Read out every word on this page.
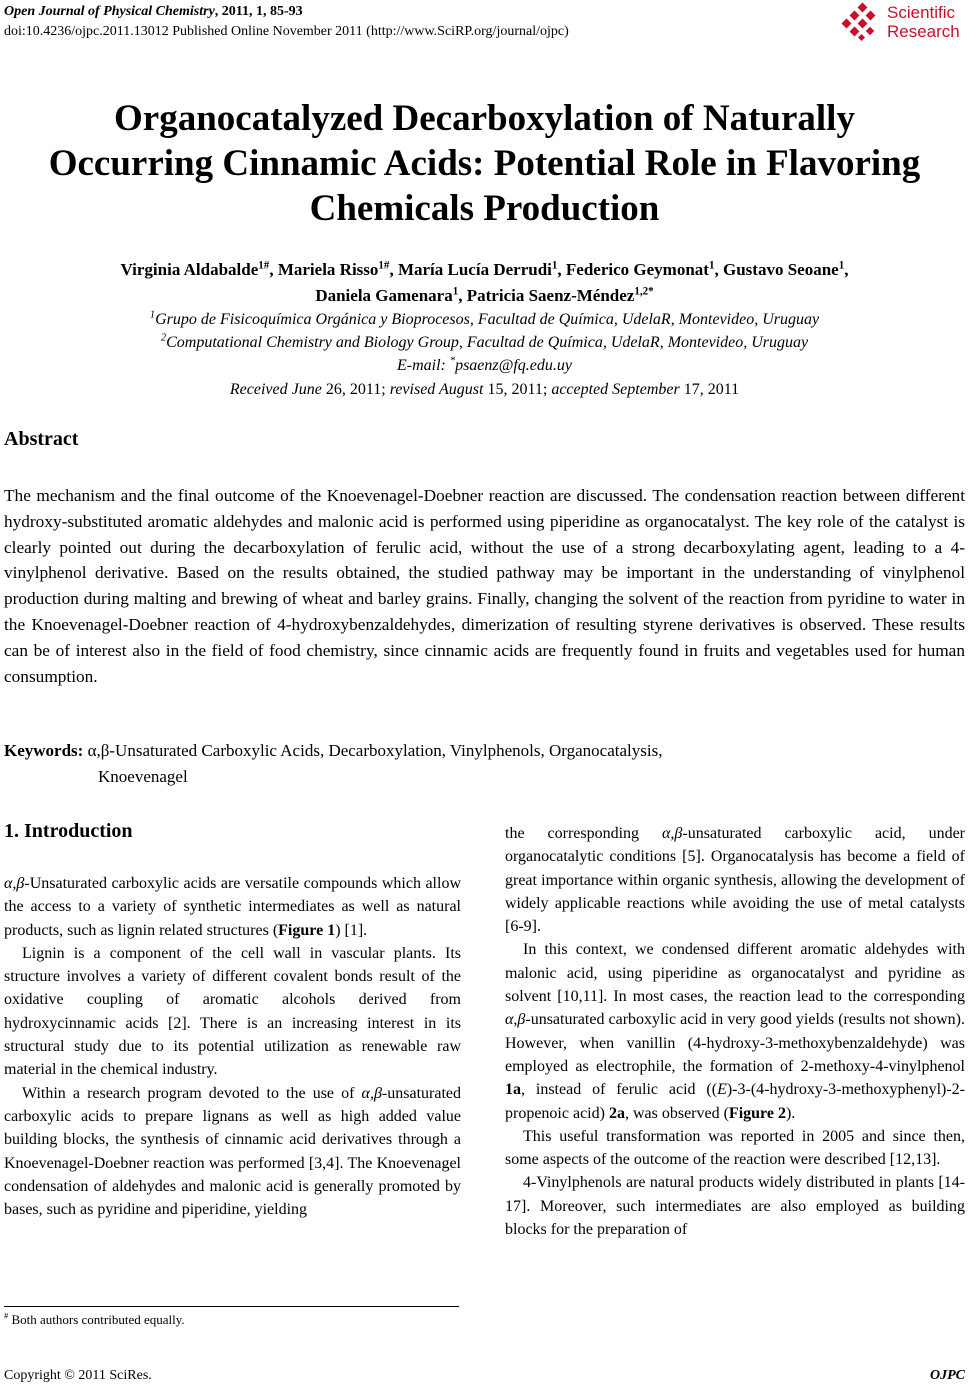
Open Journal of Physical Chemistry, 2011, 1, 85-93
doi:10.4236/ojpc.2011.13012 Published Online November 2011 (http://www.SciRP.org/journal/ojpc)
Scientific
Research
Organocatalyzed Decarboxylation of Naturally
Occurring Cinnamic Acids: Potential Role in Flavoring
Chemicals Production
Virginia Aldabalde$^{1\#}$, Mariela Risso$^{1\#}$, María Lucía Derrudi$^1$, Federico Geymonat$^1$, Gustavo Seoane$^1$,
Daniela Gamenara$^1$, Patricia Saenz-Méndez$^{1,2*}$
$^1$Grupo de Fisicoquímica Orgánica y Bioprocesos, Facultad de Química, UdelaR, Montevideo, Uruguay
$^2$Computational Chemistry and Biology Group, Facultad de Química, UdelaR, Montevideo, Uruguay
E-mail: *psaenz@fq.edu.uy
Received June 26, 2011; revised August 15, 2011; accepted September 17, 2011
Abstract
The mechanism and the final outcome of the Knoevenagel-Doebner reaction are discussed. The condensation reaction between different hydroxy-substituted aromatic aldehydes and malonic acid is performed using piperidine as organocatalyst. The key role of the catalyst is clearly pointed out during the decarboxylation of ferulic acid, without the use of a strong decarboxylating agent, leading to a 4-vinylphenol derivative. Based on the results obtained, the studied pathway may be important in the understanding of vinylphenol production during malting and brewing of wheat and barley grains. Finally, changing the solvent of the reaction from pyridine to water in the Knoevenagel-Doebner reaction of 4-hydroxybenzaldehydes, dimerization of resulting styrene derivatives is observed. These results can be of interest also in the field of food chemistry, since cinnamic acids are frequently found in fruits and vegetables used for human consumption.
Keywords: α,β-Unsaturated Carboxylic Acids, Decarboxylation, Vinylphenols, Organocatalysis,
Knoevenagel
1. Introduction

α,β-Unsaturated carboxylic acids are versatile compounds which allow the access to a variety of synthetic intermediates as well as natural products, such as lignin related structures (Figure 1) [1].

Lignin is a component of the cell wall in vascular plants. Its structure involves a variety of different covalent bonds result of the oxidative coupling of aromatic alcohols derived from hydroxycinnamic acids [2]. There is an increasing interest in its structural study due to its potential utilization as renewable raw material in the chemical industry.

Within a research program devoted to the use of α,β-unsaturated carboxylic acids to prepare lignans as well as high added value building blocks, the synthesis of cinnamic acid derivatives through a Knoevenagel-Doebner reaction was performed [3,4]. The Knoevenagel condensation of aldehydes and malonic acid is generally promoted by bases, such as pyridine and piperidine, yielding

the corresponding α,β-unsaturated carboxylic acid, under organocatalytic conditions [5]. Organocatalysis has become a field of great importance within organic synthesis, allowing the development of widely applicable reactions while avoiding the use of metal catalysts [6-9].

In this context, we condensed different aromatic aldehydes with malonic acid, using piperidine as organocatalyst and pyridine as solvent [10,11]. In most cases, the reaction lead to the corresponding α,β-unsaturated carboxylic acid in very good yields (results not shown). However, when vanillin (4-hydroxy-3-methoxybenzaldehyde) was employed as electrophile, the formation of 2-methoxy-4-vinylphenol 1a, instead of ferulic acid ((E)-3-(4-hydroxy-3-methoxyphenyl)-2-propenoic acid) 2a, was observed (Figure 2).

This useful transformation was reported in 2005 and since then, some aspects of the outcome of the reaction were described [12,13].

4-Vinylphenols are natural products widely distributed in plants [14-17]. Moreover, such intermediates are also employed as building blocks for the preparation of

# Both authors contributed equally.
Copyright © 2011 SciRes.	OJPC
